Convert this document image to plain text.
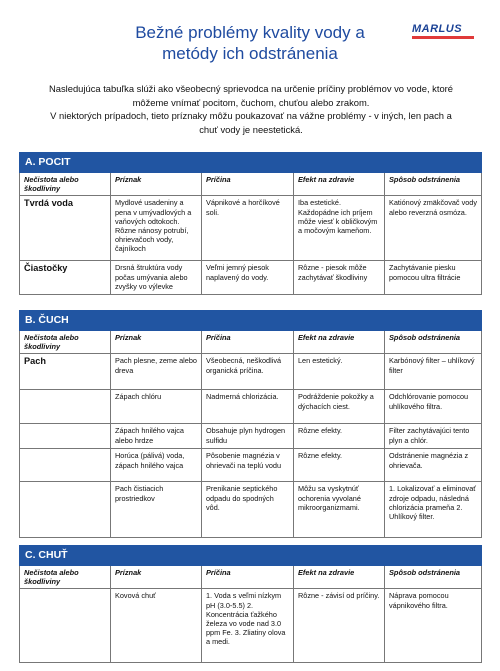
Bežné problémy kvality vody a
metódy ich odstránenia
MARLUS

Nasledujúca tabuľka slúži ako všeobecný sprievodca na určenie príčiny problémov vo vode, ktoré

môžeme vnímať pocitom, čuchom, chuťou alebo zrakom.

V niektorých prípadoch, tieto príznaky môžu poukazovať na vážne problémy - v iných, len pach a

chuť vody je neestetická.

A. POCIT				
Nečistota alebo škodliviny	Príznak	Príčina	Efekt na zdravie	Spôsob odstránenia
Tvrdá voda	Mydlové usadeniny a pena v umývadlových a vaňových odtokoch. Rôzne nánosy potrubí, ohrievačoch vody, čajníkoch	Vápnikové a horčíkové soli.	Iba estetické. Každopádne ich príjem môže viesť k obličkovým a močovým kameňom.	Katiónový zmäkčovač vody alebo reverzná osmóza.
Čiastočky	Drsná štruktúra vody počas umývania alebo zvyšky vo výlevke	Veľmi jemný piesok naplavený do vody.	Rôzne - piesok môže zachytávať škodliviny	Zachytávanie piesku pomocou ultra filtrácie
B. ČUCH				
Nečistota alebo škodliviny	Príznak	Príčina	Efekt na zdravie	Spôsob odstránenia
Pach	Pach plesne, zeme alebo dreva	Všeobecná, neškodlivá organická príčina.	Len estetický.	Karbónový filter – uhlíkový filter
	Zápach chlóru	Nadmerná chlorizácia.	Podráždenie pokožky a dýchacích ciest.	Odchlórovanie pomocou uhlíkového filtra.
	Zápach hnilého vajca alebo hrdze	Obsahuje plyn hydrogen sulfidu	Rôzne efekty.	Filter zachytávajúci tento plyn a chlór.
	Horúca (pálivá) voda, zápach hnilého vajca	Pôsobenie magnézia v ohrievači na teplú vodu	Rôzne efekty.	Odstránenie magnézia z ohrievača.
	Pach čistiacich prostriedkov	Prenikanie septického odpadu do spodných vôd.	Môžu sa vyskytnúť ochorenia vyvolané mikroorganizmami.	1. Lokalizovať a eliminovať zdroje odpadu, následná chlorizácia prameňa 2. Uhlíkový filter.
C. CHUŤ				
Nečistota alebo škodliviny	Príznak	Príčina	Efekt na zdravie	Spôsob odstránenia
	Kovová chuť	1. Voda s veľmi nízkym pH (3.0-5.5) 2. Koncentrácia ťažkého železa vo vode nad 3.0 ppm Fe. 3. Zliatiny olova a medi.	Rôzne - závisí od príčiny.	Náprava pomocou vápnikového filtra.
